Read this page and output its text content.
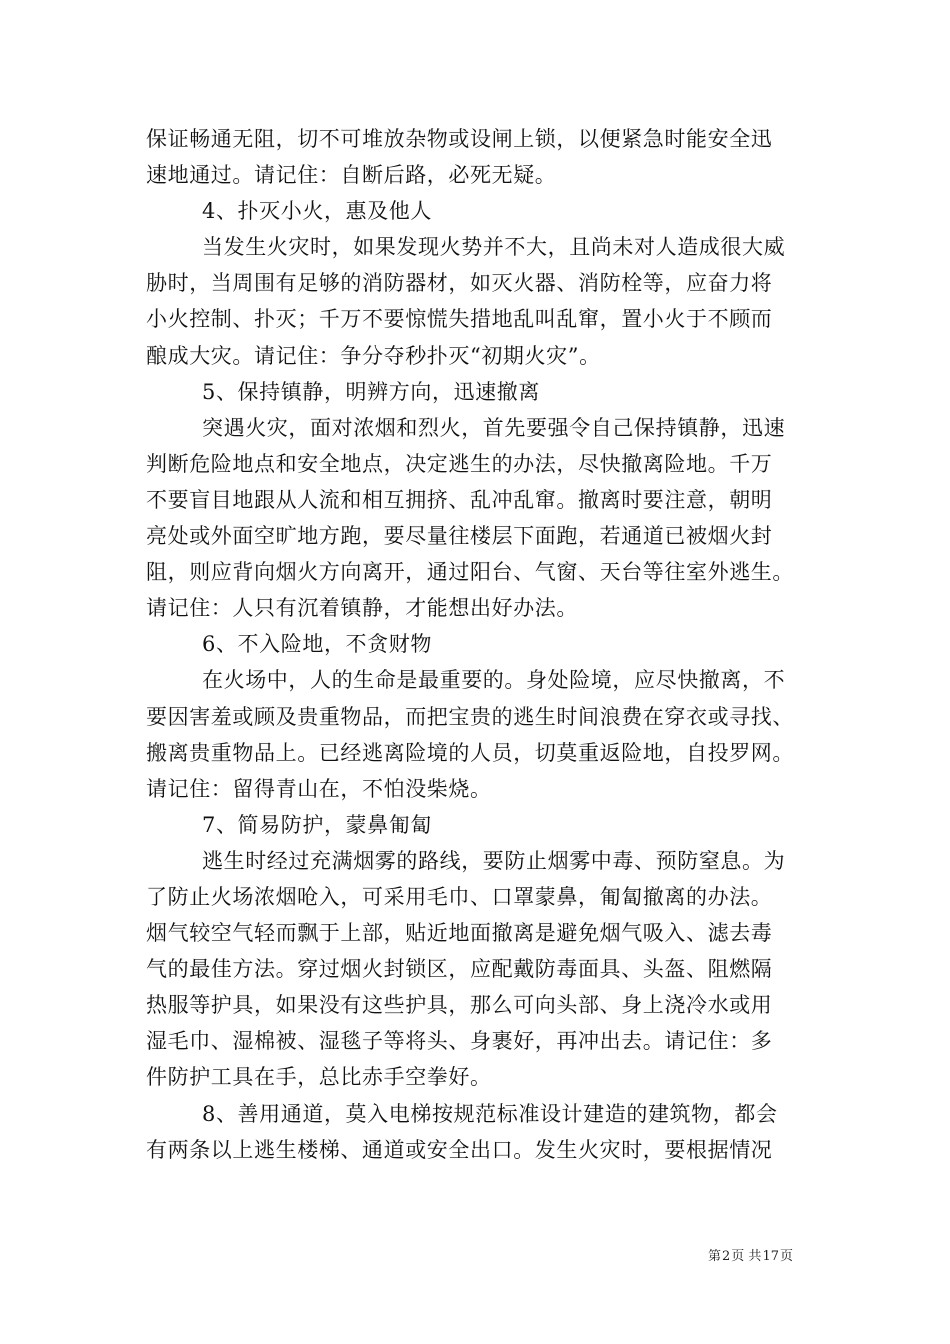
保证畅通无阻，切不可堆放杂物或设闸上锁，以便紧急时能安全迅
速地通过。请记住：自断后路，必死无疑。
4、扑灭小火，惠及他人
当发生火灾时，如果发现火势并不大，且尚未对人造成很大威
胁时，当周围有足够的消防器材，如灭火器、消防栓等，应奋力将
小火控制、扑灭；千万不要惊慌失措地乱叫乱窜，置小火于不顾而
酿成大灾。请记住：争分夺秒扑灭“初期火灾”。
5、保持镇静，明辨方向，迅速撤离
突遇火灾，面对浓烟和烈火，首先要强令自己保持镇静，迅速
判断危险地点和安全地点，决定逃生的办法，尽快撤离险地。千万
不要盲目地跟从人流和相互拥挤、乱冲乱窜。撤离时要注意，朝明
亮处或外面空旷地方跑，要尽量往楼层下面跑，若通道已被烟火封
阻，则应背向烟火方向离开，通过阳台、气窗、天台等往室外逃生。
请记住：人只有沉着镇静，才能想出好办法。
6、不入险地，不贪财物
在火场中，人的生命是最重要的。身处险境，应尽快撤离，不
要因害羞或顾及贵重物品，而把宝贵的逃生时间浪费在穿衣或寻找、
搬离贵重物品上。已经逃离险境的人员，切莫重返险地，自投罗网。
请记住：留得青山在，不怕没柴烧。
7、简易防护，蒙鼻匍匐
逃生时经过充满烟雾的路线，要防止烟雾中毒、预防窒息。为
了防止火场浓烟呛入，可采用毛巾、口罩蒙鼻，匍匐撤离的办法。
烟气较空气轻而飘于上部，贴近地面撤离是避免烟气吸入、滤去毒
气的最佳方法。穿过烟火封锁区，应配戴防毒面具、头盔、阻燃隔
热服等护具，如果没有这些护具，那么可向头部、身上浇冷水或用
湿毛巾、湿棉被、湿毯子等将头、身裹好，再冲出去。请记住：多
件防护工具在手，总比赤手空拳好。
8、善用通道，莫入电梯按规范标准设计建造的建筑物，都会
有两条以上逃生楼梯、通道或安全出口。发生火灾时，要根据情况
第2页 共17页
